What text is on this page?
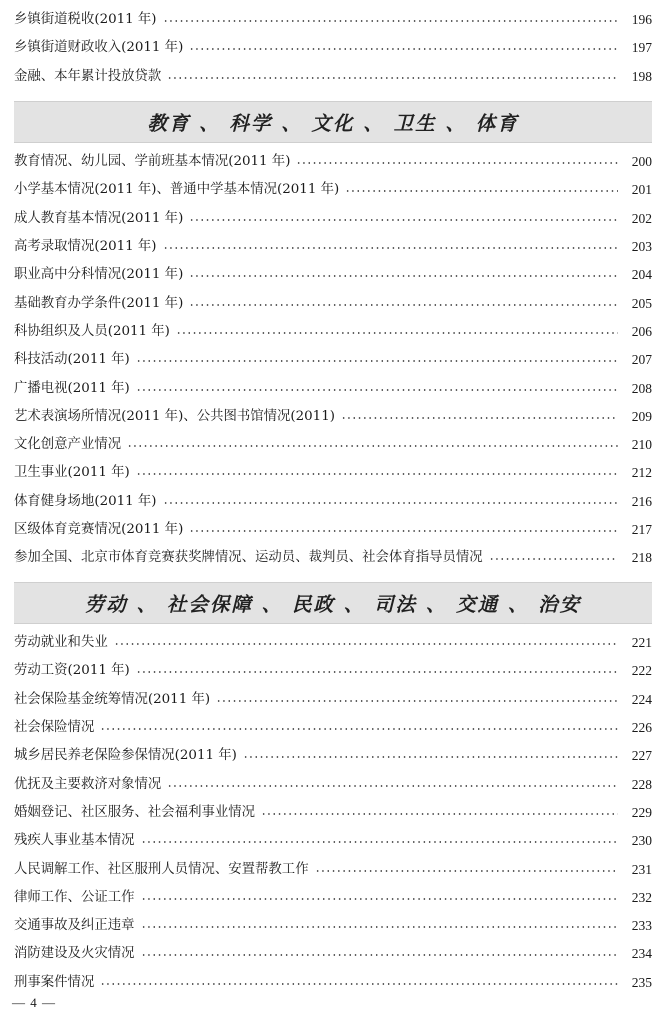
乡镇街道税收(2011 年)	196
乡镇街道财政收入(2011 年)	197
金融、本年累计投放贷款	198
教育 、 科学 、 文化 、 卫生 、 体育
教育情况、幼儿园、学前班基本情况(2011 年)	200
小学基本情况(2011 年)、普通中学基本情况(2011 年)	201
成人教育基本情况(2011 年)	202
高考录取情况(2011 年)	203
职业高中分科情况(2011 年)	204
基础教育办学条件(2011 年)	205
科协组织及人员(2011 年)	206
科技活动(2011 年)	207
广播电视(2011 年)	208
艺术表演场所情况(2011 年)、公共图书馆情况(2011)	209
文化创意产业情况	210
卫生事业(2011 年)	212
体育健身场地(2011 年)	216
区级体育竞赛情况(2011 年)	217
参加全国、北京市体育竞赛获奖牌情况、运动员、裁判员、社会体育指导员情况	218
劳动 、 社会保障 、 民政 、 司法 、 交通 、 治安
劳动就业和失业	221
劳动工资(2011 年)	222
社会保险基金统筹情况(2011 年)	224
社会保险情况	226
城乡居民养老保险参保情况(2011 年)	227
优抚及主要救济对象情况	228
婚姻登记、社区服务、社会福利事业情况	229
残疾人事业基本情况	230
人民调解工作、社区服刑人员情况、安置帮教工作	231
律师工作、公证工作	232
交通事故及纠正违章	233
消防建设及火灾情况	234
刑事案件情况	235
— 4 —
